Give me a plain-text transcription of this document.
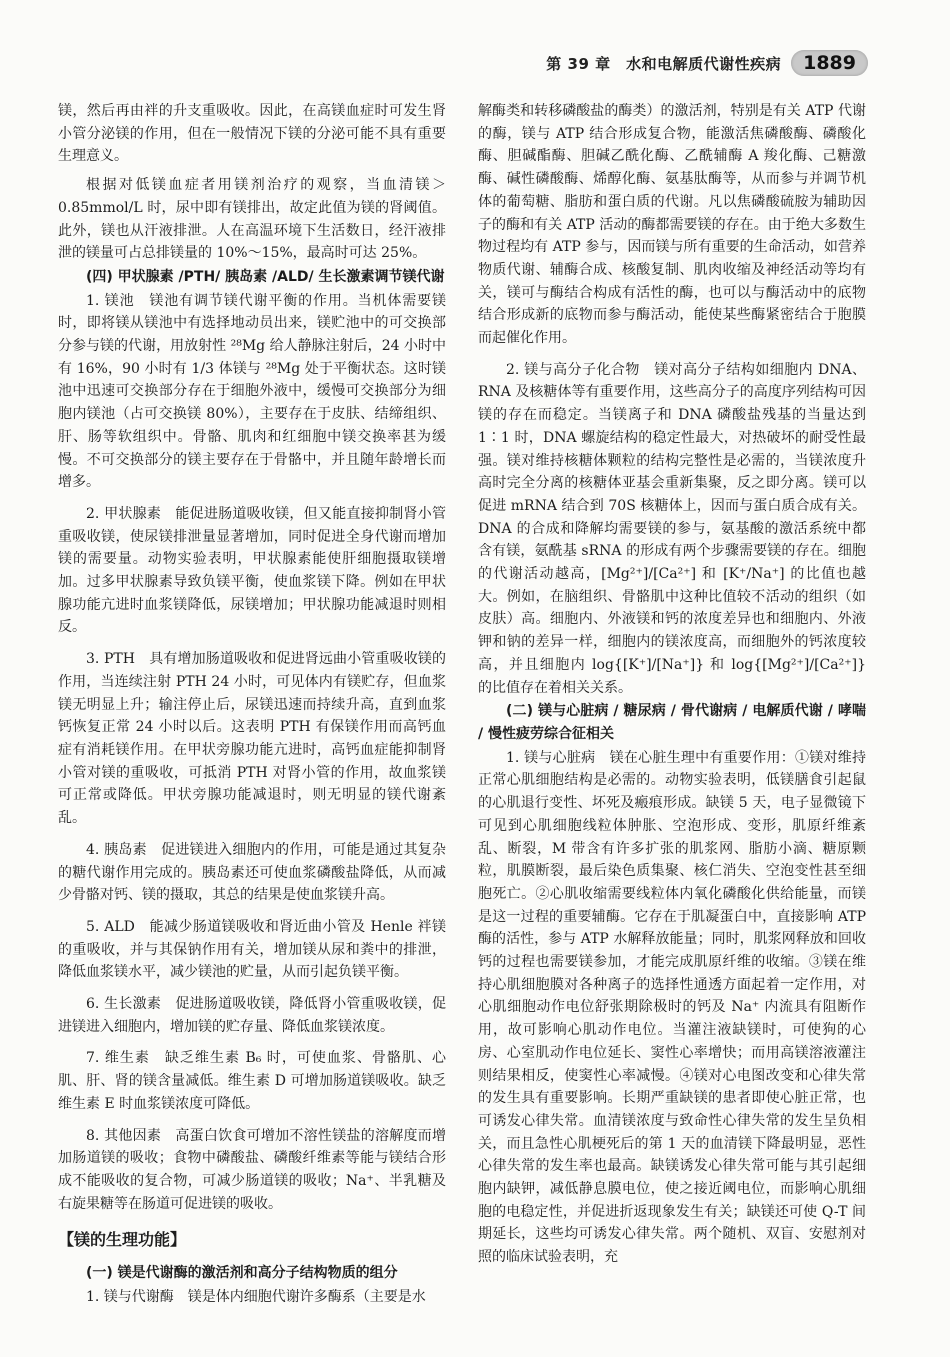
第 39 章　水和电解质代谢性疾病	1889

镁，然后再由袢的升支重吸收。因此，在高镁血症时可发生肾小管分泌镁的作用，但在一般情况下镁的分泌可能不具有重要生理意义。

根据对低镁血症者用镁剂治疗的观察，当血清镁＞0.85mmol/L 时，尿中即有镁排出，故定此值为镁的肾阈值。此外，镁也从汗液排泄。人在高温环境下生活数日，经汗液排泄的镁量可占总排镁量的 10%～15%，最高时可达 25%。

(四) 甲状腺素 /PTH/ 胰岛素 /ALD/ 生长激素调节镁代谢

1. 镁池　镁池有调节镁代谢平衡的作用。当机体需要镁时，即将镁从镁池中有选择地动员出来，镁贮池中的可交换部分参与镁的代谢，用放射性 ²⁸Mg 给人静脉注射后，24 小时中有 16%，90 小时有 1/3 体镁与 ²⁸Mg 处于平衡状态。这时镁池中迅速可交换部分存在于细胞外液中，缓慢可交换部分为细胞内镁池（占可交换镁 80%），主要存在于皮肤、结缔组织、肝、肠等软组织中。骨骼、肌肉和红细胞中镁交换率甚为缓慢。不可交换部分的镁主要存在于骨骼中，并且随年龄增长而增多。

2. 甲状腺素　能促进肠道吸收镁，但又能直接抑制肾小管重吸收镁，使尿镁排泄量显著增加，同时促进全身代谢而增加镁的需要量。动物实验表明，甲状腺素能使肝细胞摄取镁增加。过多甲状腺素导致负镁平衡，使血浆镁下降。例如在甲状腺功能亢进时血浆镁降低，尿镁增加；甲状腺功能减退时则相反。

3. PTH　具有增加肠道吸收和促进肾远曲小管重吸收镁的作用，当连续注射 PTH 24 小时，可见体内有镁贮存，但血浆镁无明显上升；输注停止后，尿镁迅速而持续升高，直到血浆钙恢复正常 24 小时以后。这表明 PTH 有保镁作用而高钙血症有消耗镁作用。在甲状旁腺功能亢进时，高钙血症能抑制肾小管对镁的重吸收，可抵消 PTH 对肾小管的作用，故血浆镁可正常或降低。甲状旁腺功能减退时，则无明显的镁代谢紊乱。

4. 胰岛素　促进镁进入细胞内的作用，可能是通过其复杂的糖代谢作用完成的。胰岛素还可使血浆磷酸盐降低，从而减少骨骼对钙、镁的摄取，其总的结果是使血浆镁升高。

5. ALD　能减少肠道镁吸收和肾近曲小管及 Henle 袢镁的重吸收，并与其保钠作用有关，增加镁从尿和粪中的排泄，降低血浆镁水平，减少镁池的贮量，从而引起负镁平衡。

6. 生长激素　促进肠道吸收镁，降低肾小管重吸收镁，促进镁进入细胞内，增加镁的贮存量、降低血浆镁浓度。

7. 维生素　缺乏维生素 B₆ 时，可使血浆、骨骼肌、心肌、肝、肾的镁含量减低。维生素 D 可增加肠道镁吸收。缺乏维生素 E 时血浆镁浓度可降低。

8. 其他因素　高蛋白饮食可增加不溶性镁盐的溶解度而增加肠道镁的吸收；食物中磷酸盐、磷酸纤维素等能与镁结合形成不能吸收的复合物，可减少肠道镁的吸收；Na⁺、半乳糖及右旋果糖等在肠道可促进镁的吸收。

【镁的生理功能】
(一) 镁是代谢酶的激活剂和高分子结构物质的组分

1. 镁与代谢酶　镁是体内细胞代谢许多酶系（主要是水

解酶类和转移磷酸盐的酶类）的激活剂，特别是有关 ATP 代谢的酶，镁与 ATP 结合形成复合物，能激活焦磷酸酶、磷酸化酶、胆碱酯酶、胆碱乙酰化酶、乙酰辅酶 A 羧化酶、己糖激酶、碱性磷酸酶、烯醇化酶、氨基肽酶等，从而参与并调节机体的葡萄糖、脂肪和蛋白质的代谢。凡以焦磷酸硫胺为辅助因子的酶和有关 ATP 活动的酶都需要镁的存在。由于绝大多数生物过程均有 ATP 参与，因而镁与所有重要的生命活动，如营养物质代谢、辅酶合成、核酸复制、肌肉收缩及神经活动等均有关，镁可与酶结合构成有活性的酶，也可以与酶活动中的底物结合形成新的底物而参与酶活动，能使某些酶紧密结合于胞膜而起催化作用。

2. 镁与高分子化合物　镁对高分子结构如细胞内 DNA、RNA 及核糖体等有重要作用，这些高分子的高度序列结构可因镁的存在而稳定。当镁离子和 DNA 磷酸盐残基的当量达到 1∶1 时，DNA 螺旋结构的稳定性最大，对热破坏的耐受性最强。镁对维持核糖体颗粒的结构完整性是必需的，当镁浓度升高时完全分离的核糖体亚基会重新集聚，反之即分离。镁可以促进 mRNA 结合到 70S 核糖体上，因而与蛋白质合成有关。DNA 的合成和降解均需要镁的参与，氨基酸的激活系统中都含有镁，氨酰基 sRNA 的形成有两个步骤需要镁的存在。细胞的代谢活动越高，[Mg²⁺]/[Ca²⁺] 和 [K⁺/Na⁺] 的比值也越大。例如，在脑组织、骨骼肌中这种比值较不活动的组织（如皮肤）高。细胞内、外液镁和钙的浓度差异也和细胞内、外液钾和钠的差异一样，细胞内的镁浓度高，而细胞外的钙浓度较高，并且细胞内 log{[K⁺]/[Na⁺]} 和 log{[Mg²⁺]/[Ca²⁺]} 的比值存在着相关关系。

(二) 镁与心脏病 / 糖尿病 / 骨代谢病 / 电解质代谢 / 哮喘 / 慢性疲劳综合征相关

1. 镁与心脏病　镁在心脏生理中有重要作用：①镁对维持正常心肌细胞结构是必需的。动物实验表明，低镁膳食引起鼠的心肌退行变性、坏死及瘢痕形成。缺镁 5 天，电子显微镜下可见到心肌细胞线粒体肿胀、空泡形成、变形，肌原纤维紊乱、断裂，M 带含有许多扩张的肌浆网、脂肪小滴、糖原颗粒，肌膜断裂，最后染色质集聚、核仁消失、空泡变性甚至细胞死亡。②心肌收缩需要线粒体内氧化磷酸化供给能量，而镁是这一过程的重要辅酶。它存在于肌凝蛋白中，直接影响 ATP 酶的活性，参与 ATP 水解释放能量；同时，肌浆网释放和回收钙的过程也需要镁参加，才能完成肌原纤维的收缩。③镁在维持心肌细胞膜对各种离子的选择性通透方面起着一定作用，对心肌细胞动作电位舒张期除极时的钙及 Na⁺ 内流具有阻断作用，故可影响心肌动作电位。当灌注液缺镁时，可使狗的心房、心室肌动作电位延长、窦性心率增快；而用高镁溶液灌注则结果相反，使窦性心率减慢。④镁对心电图改变和心律失常的发生具有重要影响。长期严重缺镁的患者即使心脏正常，也可诱发心律失常。血清镁浓度与致命性心律失常的发生呈负相关，而且急性心肌梗死后的第 1 天的血清镁下降最明显，恶性心律失常的发生率也最高。缺镁诱发心律失常可能与其引起细胞内缺钾，减低静息膜电位，使之接近阈电位，而影响心肌细胞的电稳定性，并促进折返现象发生有关；缺镁还可使 Q-T 间期延长，这些均可诱发心律失常。两个随机、双盲、安慰剂对照的临床试验表明，充
